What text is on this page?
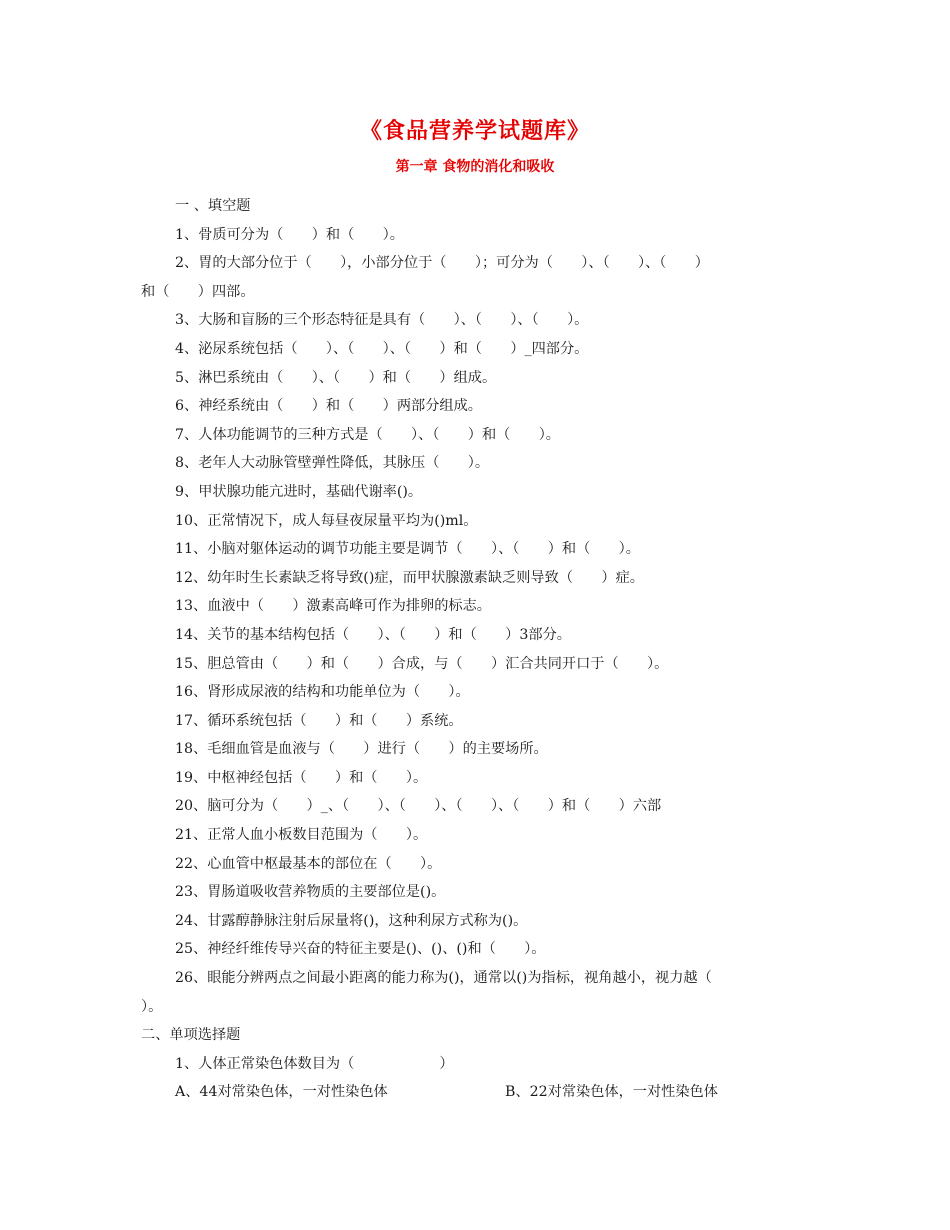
《食品营养学试题库》
第一章 食物的消化和吸收
一 、填空题
1、骨质可分为（　　）和（　　）。
2、胃的大部分位于（　　），小部分位于（　　）；可分为（　　）、（　　）、（　　）
和（　　）四部。
3、大肠和盲肠的三个形态特征是具有（　　）、（　　）、（　　）。
4、泌尿系统包括（　　）、（　　）、（　　）和（　　）_四部分。
5、淋巴系统由（　　）、（　　）和（　　）组成。
6、神经系统由（　　）和（　　）两部分组成。
7、人体功能调节的三种方式是（　　）、（　　）和（　　）。
8、老年人大动脉管壁弹性降低，其脉压（　　）。
9、甲状腺功能亢进时，基础代谢率()。
10、正常情况下，成人每昼夜尿量平均为()ml。
11、小脑对躯体运动的调节功能主要是调节（　　）、（　　）和（　　）。
12、幼年时生长素缺乏将导致()症，而甲状腺激素缺乏则导致（　　）症。
13、血液中（　　）激素高峰可作为排卵的标志。
14、关节的基本结构包括（　　）、（　　）和（　　）3部分。
15、胆总管由（　　）和（　　）合成，与（　　）汇合共同开口于（　　）。
16、肾形成尿液的结构和功能单位为（　　）。
17、循环系统包括（　　）和（　　）系统。
18、毛细血管是血液与（　　）进行（　　）的主要场所。
19、中枢神经包括（　　）和（　　）。
20、脑可分为（　　）_、（　　）、（　　）、（　　）、（　　）和（　　）六部
21、正常人血小板数目范围为（　　）。
22、心血管中枢最基本的部位在（　　）。
23、胃肠道吸收营养物质的主要部位是()。
24、甘露醇静脉注射后尿量将()，这种利尿方式称为()。
25、神经纤维传导兴奋的特征主要是()、()、()和（　　）。
26、眼能分辨两点之间最小距离的能力称为()，通常以()为指标，视角越小，视力越（
）。
二、单项选择题
1、人体正常染色体数目为（　　　　　　）
A、44对常染色体，一对性染色体	B、22对常染色体，一对性染色体
